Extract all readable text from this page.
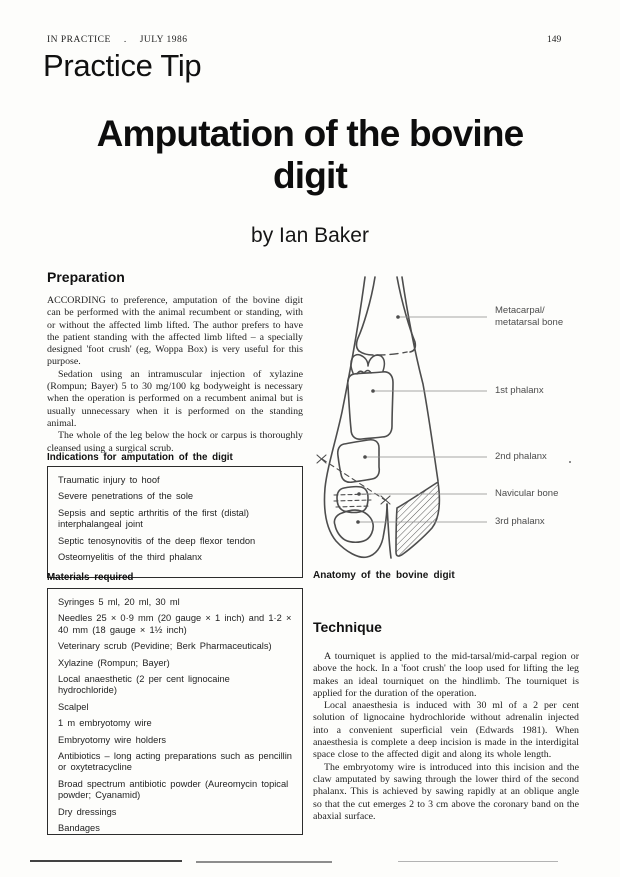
IN PRACTICE . JULY 1986	149
Practice Tip
Amputation of the bovine
digit
by Ian Baker
Preparation

ACCORDING to preference, amputation of the bovine digit can be performed with the animal recumbent or standing, with or without the affected limb lifted. The author prefers to have the patient standing with the affected limb lifted – a specially designed 'foot crush' (eg, Woppa Box) is very useful for this purpose.

Sedation using an intramuscular injection of xylazine (Rompun; Bayer) 5 to 30 mg/100 kg bodyweight is necessary when the operation is performed on a recumbent animal but is usually unnecessary when it is performed on the standing animal.

The whole of the leg below the hock or carpus is thoroughly cleansed using a surgical scrub.

Indications for amputation of the digit
Traumatic injury to hoof
Severe penetrations of the sole
Sepsis and septic arthritis of the first (distal) interphalangeal joint
Septic tenosynovitis of the deep flexor tendon
Osteomyelitis of the third phalanx
Materials required
Syringes 5 ml, 20 ml, 30 ml
Needles 25 × 0·9 mm (20 gauge × 1 inch) and 1·2 × 40 mm (18 gauge × 1½ inch)
Veterinary scrub (Pevidine; Berk Pharmaceuticals)
Xylazine (Rompun; Bayer)
Local anaesthetic (2 per cent lignocaine hydrochloride)
Scalpel
1 m embryotomy wire
Embryotomy wire holders
Antibiotics – long acting preparations such as pencillin or oxytetracycline
Broad spectrum antibiotic powder (Aureomycin topical powder; Cyanamid)
Dry dressings
Bandages
Metacarpal/
metatarsal bone
1st phalanx
2nd phalanx
Navicular bone
3rd phalanx
Anatomy of the bovine digit
Technique

A tourniquet is applied to the mid-tarsal/mid-carpal region or above the hock. In a 'foot crush' the loop used for lifting the leg makes an ideal tourniquet on the hindlimb. The tourniquet is applied for the duration of the operation.

Local anaesthesia is induced with 30 ml of a 2 per cent solution of lignocaine hydrochloride without adrenalin injected into a convenient superficial vein (Edwards 1981). When anaesthesia is complete a deep incision is made in the interdigital space close to the affected digit and along its whole length.

The embryotomy wire is introduced into this incision and the claw amputated by sawing through the lower third of the second phalanx. This is achieved by sawing rapidly at an oblique angle so that the cut emerges 2 to 3 cm above the coronary band on the abaxial surface.
